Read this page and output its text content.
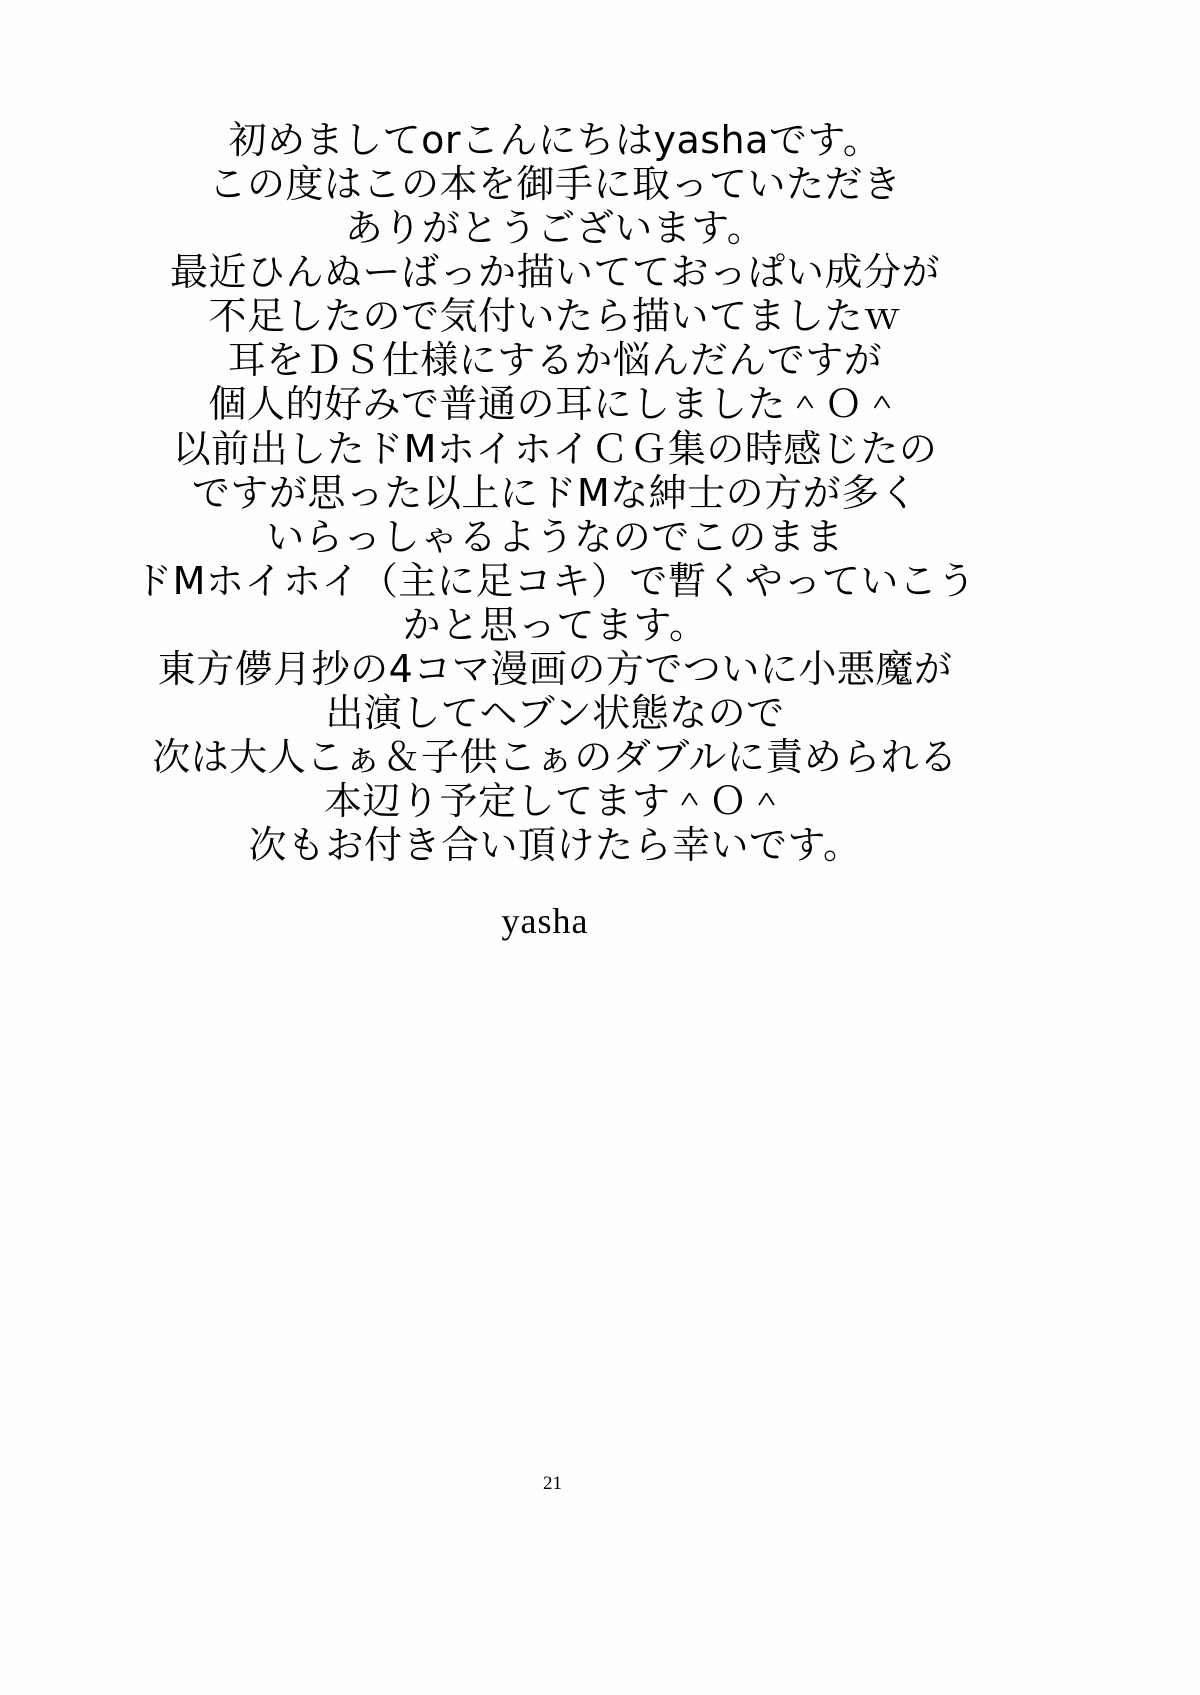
初めましてorこんにちはyashaです。
この度はこの本を御手に取っていただき
ありがとうございます。
最近ひんぬーばっか描いてておっぱい成分が
不足したので気付いたら描いてましたｗ
耳をＤＳ仕様にするか悩んだんですが
個人的好みで普通の耳にしました＾Ｏ＾
以前出したドMホイホイＣＧ集の時感じたの
ですが思った以上にドMな紳士の方が多く
いらっしゃるようなのでこのまま
ドMホイホイ（主に足コキ）で暫くやっていこう
かと思ってます。
東方儚月抄の4コマ漫画の方でついに小悪魔が
出演してヘブン状態なので
次は大人こぁ＆子供こぁのダブルに責められる
本辺り予定してます＾Ｏ＾
次もお付き合い頂けたら幸いです。
yasha
21
